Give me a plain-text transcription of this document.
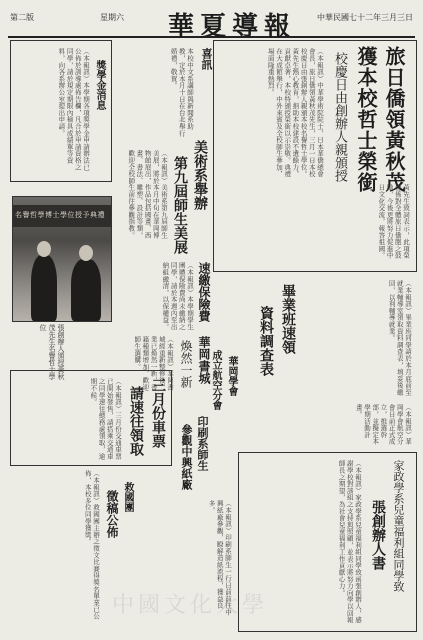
中華民國七十二年三月三日
華夏導報
星期六
第二版
旅日僑領黃秋茂
獲本校哲士榮銜
校慶日由創辦人親頒授
（本報訊）中華學術院院士，日本華僑總會會長，旅日僑領黃秋茂先生，三月一日本校校慶日由張創辦人親頒本校名譽哲士學位。黃先生熱心教育，捐助本校建設不遺餘力，貢獻卓著，本校特頒授榮銜以示崇敬。典禮在大成館舉行，中外來賓及全校師生參加，場面隆重熱烈。
黃先生致詞表示，此項榮譽係對全體旅日僑胞之鼓勵，今後更將努力促進中日文化交流，報答祖國。
美術系舉辦
第九屆師生美展
（本報訊）美術系第九屆師生美展，將於本月中旬在華岡博物館展出，作品包括國畫、西畫、書法、雕塑、設計等類，歡迎全校師生前往參觀指教。
獎學金消息
（本報訊）本學期各項獎學金申請辦法已公佈於訓導處佈告欄，凡合於申請資格之同學，請於規定期限內檢具成績單等資料，向各系辦公室提出申請。	喜訊
本校中文系講師與新聞系助教，定於本月十日在台北舉行婚禮，敬賀。
名譽哲學博士學位授予典禮
張創辦人頒授黃秋茂先生名譽哲士學位
速繳保險費
（本報訊）本學期學生團體保險費尚未繳納之同學，請於本週內至出納組繳清，以保權益。
華岡書城
煥然一新
（本報訊）華岡書城經重新整修後，業已煥然一新，書籍種類增加，歡迎師生選購。	畢業班速領
資料調查表	（本報訊）畢業班同學請於本月底前至就業輔導室領取資料調查表，填妥後繳回，以利輔導就業。
華岡學會
成立航空分會
（本報訊）華岡學會航空分會日前正式成立，推選幹部，並擬定本學期活動計畫。
三月份車票
請速往領取
（本報訊）三月份交通車票已開始發售，請搭乘交通車之同學速往總務處領取，逾期不候。
印刷系師生
參觀中興紙廠
（本報訊）印刷系師生一行日前前往中興紙廠參觀，瞭解造紙流程，獲益良多。
救國團
徵稿公佈
（本報訊）救國團主辦之徵文比賽得獎名單業已公佈，本校多位同學獲獎。	家政學系兒童福利組同學致
張創辦人書
（本報訊）家政學系兒童福利組同學致函張創辦人，感謝學校對該組之支持與照顧，並表示將努力向學以回報師長之期望，為社會兒童福利工作貢獻心力。
中國文化大學
